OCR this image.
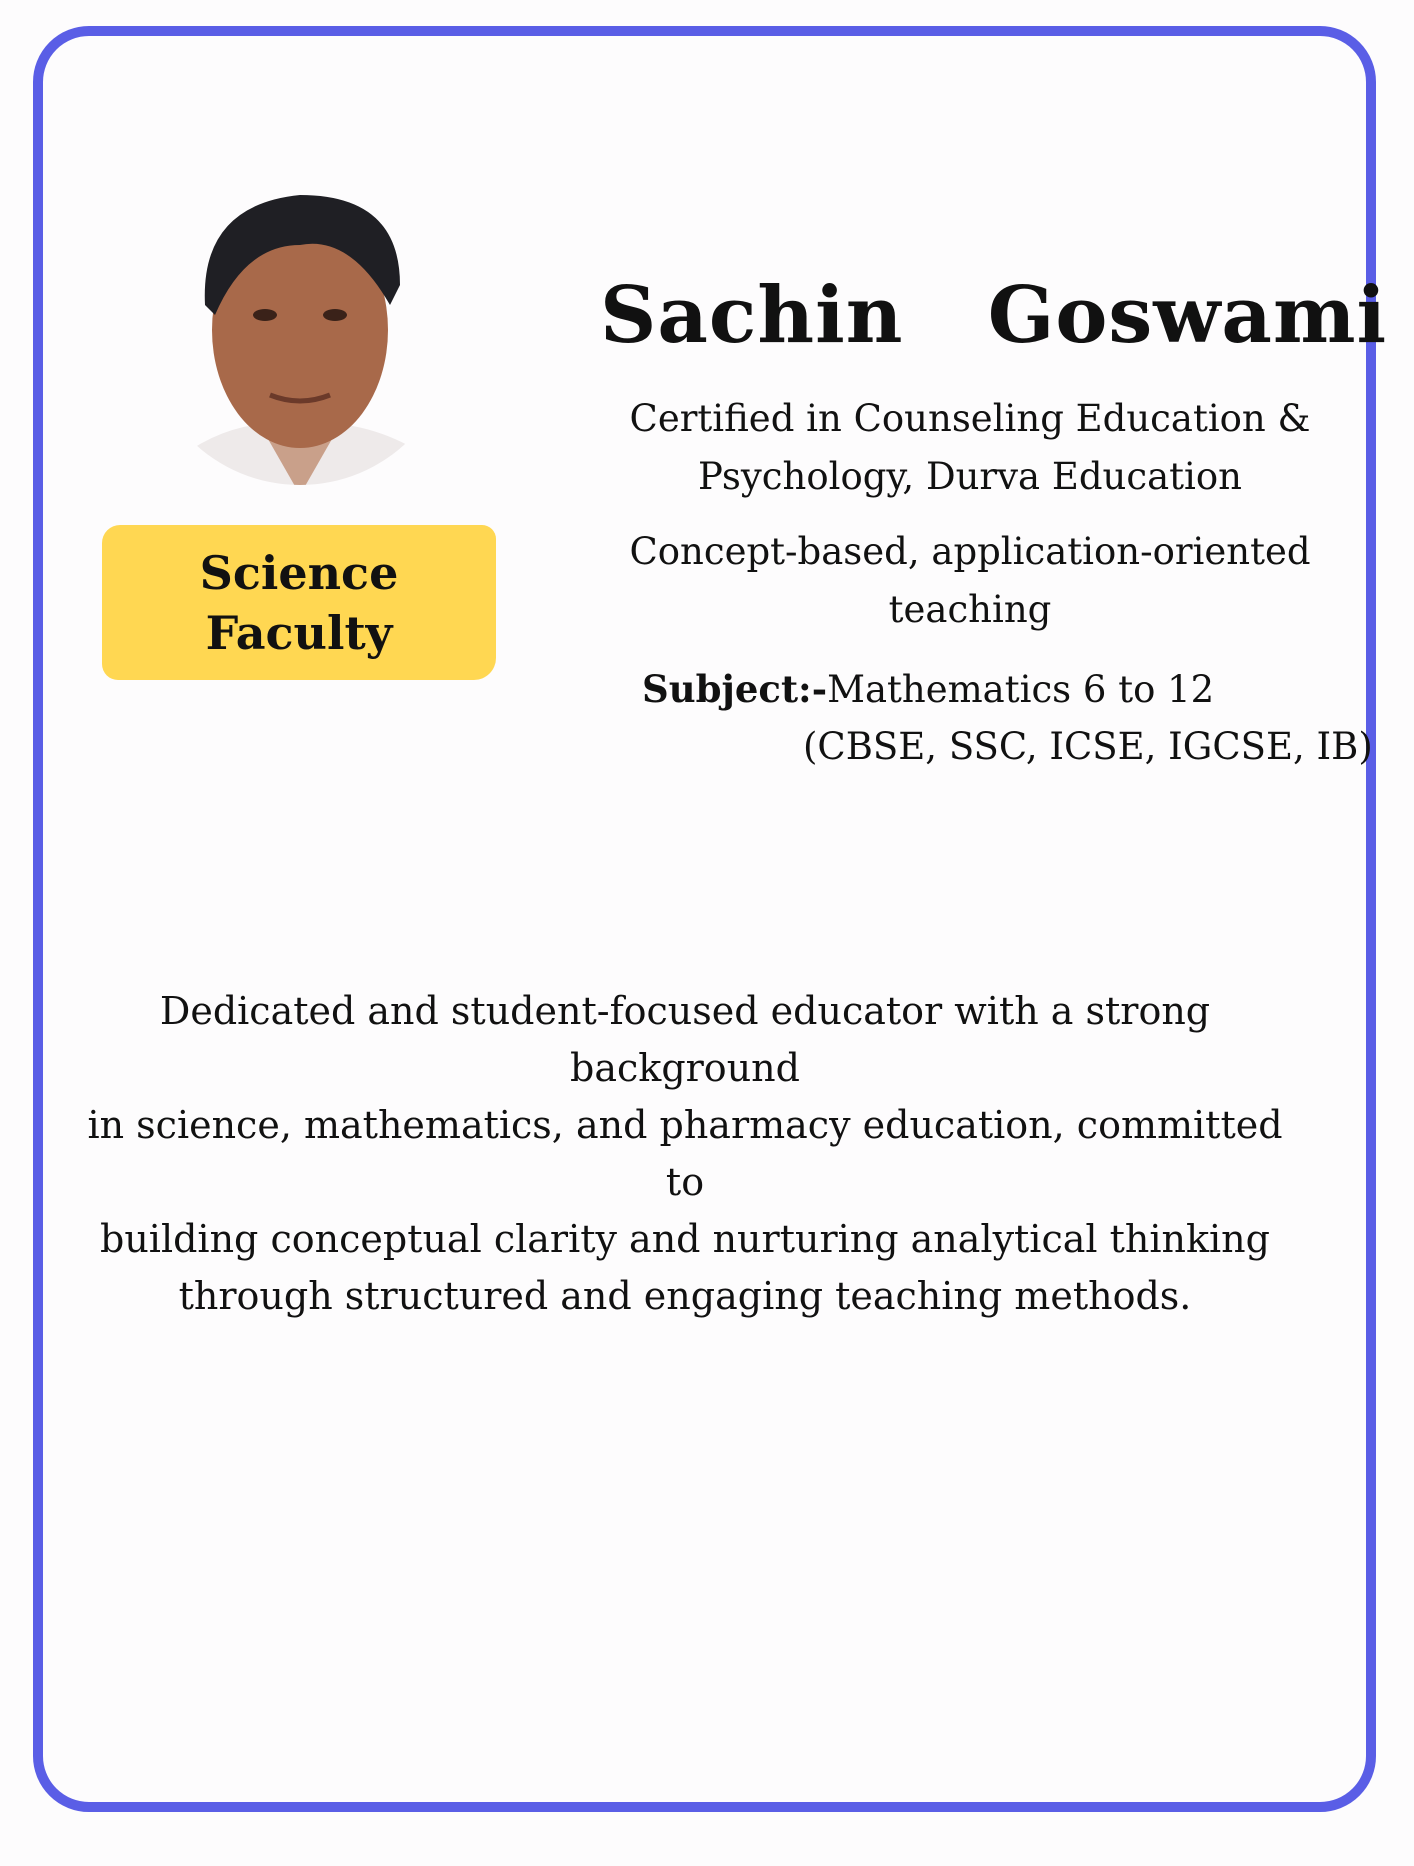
Science
Faculty
Sachin  Goswami
Certified in Counseling Education &
Psychology, Durva Education
Concept-based, application-oriented
teaching
Subject:-Mathematics 6 to 12
(CBSE, SSC, ICSE, IGCSE, IB)
Dedicated and student-focused educator with a strong background
in science, mathematics, and pharmacy education, committed to
building conceptual clarity and nurturing analytical thinking
through structured and engaging teaching methods.
